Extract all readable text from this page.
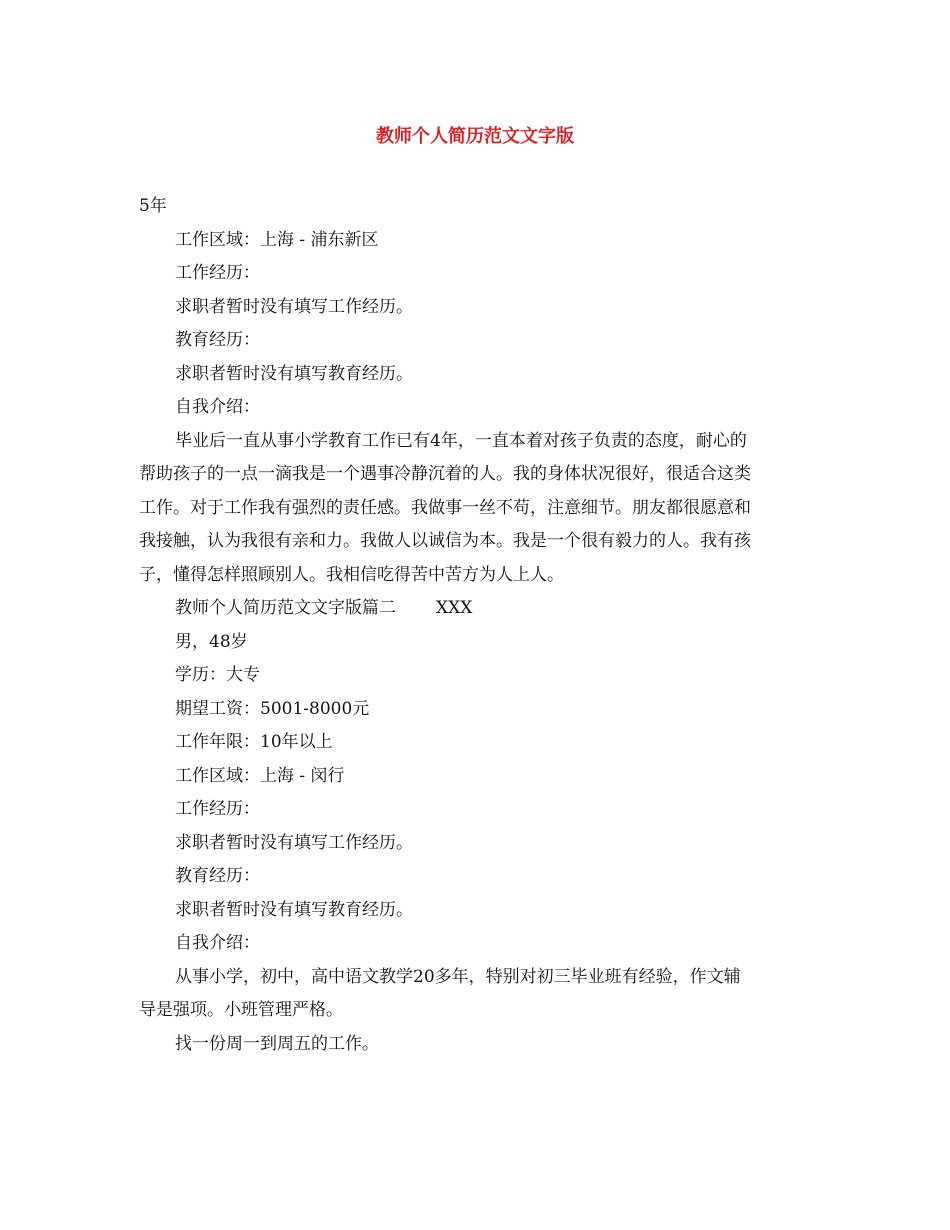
教师个人简历范文文字版
5年
工作区域：上海 - 浦东新区
工作经历：
求职者暂时没有填写工作经历。
教育经历：
求职者暂时没有填写教育经历。
自我介绍：
毕业后一直从事小学教育工作已有4年，一直本着对孩子负责的态度，耐心的
帮助孩子的一点一滴我是一个遇事冷静沉着的人。我的身体状况很好，很适合这类
工作。对于工作我有强烈的责任感。我做事一丝不苟，注意细节。朋友都很愿意和
我接触，认为我很有亲和力。我做人以诚信为本。我是一个很有毅力的人。我有孩
子，懂得怎样照顾别人。我相信吃得苦中苦方为人上人。
教师个人简历范文文字版篇二 XXX
男，48岁
学历：大专
期望工资：5001-8000元
工作年限：10年以上
工作区域：上海 - 闵行
工作经历：
求职者暂时没有填写工作经历。
教育经历：
求职者暂时没有填写教育经历。
自我介绍：
从事小学，初中，高中语文教学20多年，特别对初三毕业班有经验，作文辅
导是强项。小班管理严格。
找一份周一到周五的工作。
